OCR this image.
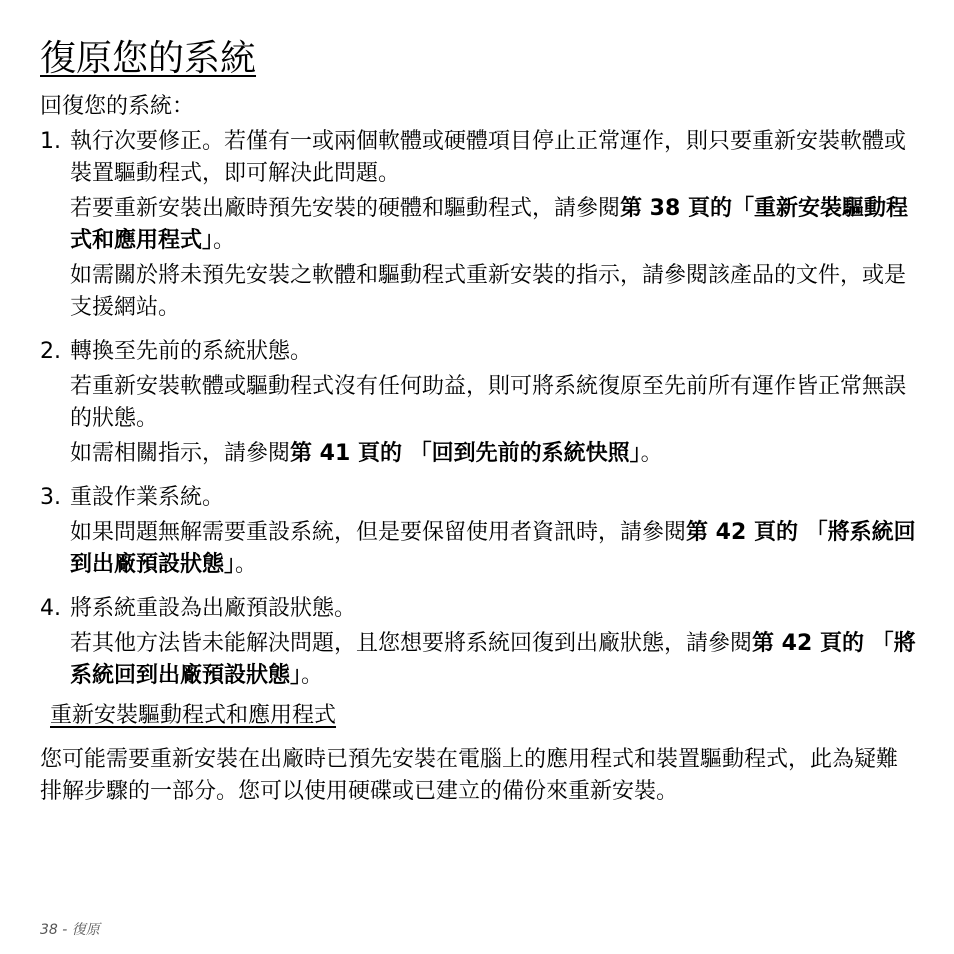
復原您的系統
回復您的系統：
1. 執行次要修正。若僅有一或兩個軟體或硬體項目停止正常運作，則只要重新安裝軟體或裝置驅動程式，即可解決此問題。

若要重新安裝出廠時預先安裝的硬體和驅動程式，請參閱第 38 頁的「重新安裝驅動程式和應用程式」。

如需關於將未預先安裝之軟體和驅動程式重新安裝的指示，請參閱該產品的文件，或是支援網站。

2. 轉換至先前的系統狀態。

若重新安裝軟體或驅動程式沒有任何助益，則可將系統復原至先前所有運作皆正常無誤的狀態。

如需相關指示，請參閱第 41 頁的 「回到先前的系統快照」。

3. 重設作業系統。

如果問題無解需要重設系統，但是要保留使用者資訊時，請參閱第 42 頁的 「將系統回到出廠預設狀態」。

4. 將系統重設為出廠預設狀態。

若其他方法皆未能解決問題，且您想要將系統回復到出廠狀態，請參閱第 42 頁的 「將系統回到出廠預設狀態」。

重新安裝驅動程式和應用程式

您可能需要重新安裝在出廠時已預先安裝在電腦上的應用程式和裝置驅動程式，此為疑難排解步驟的一部分。您可以使用硬碟或已建立的備份來重新安裝。

38 - 復原
